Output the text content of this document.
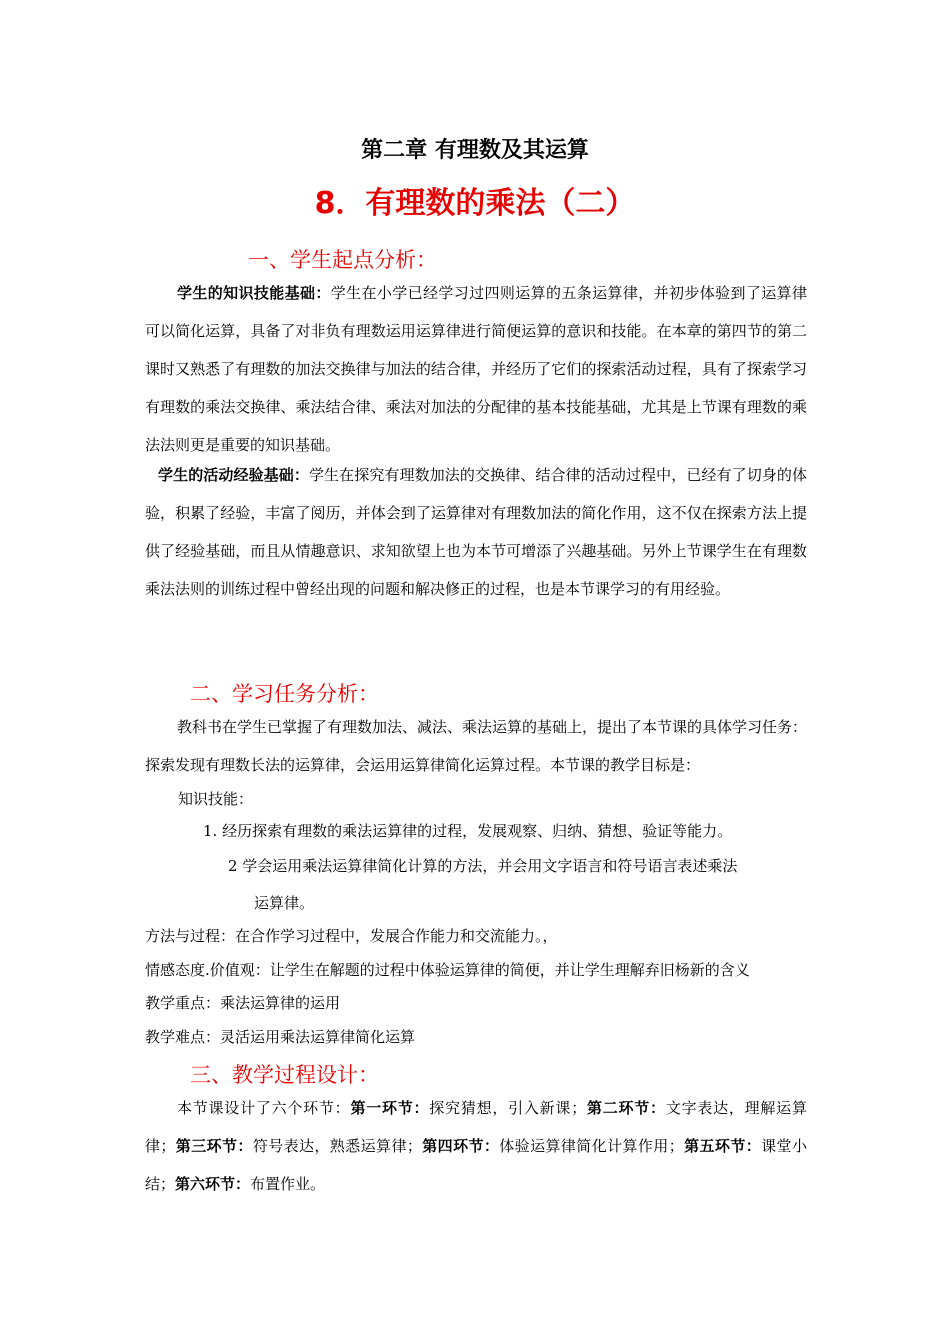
第二章 有理数及其运算
8．有理数的乘法（二）
一、学生起点分析：
学生的知识技能基础：学生在小学已经学习过四则运算的五条运算律，并初步体验到了运算律可以简化运算，具备了对非负有理数运用运算律进行简便运算的意识和技能。在本章的第四节的第二课时又熟悉了有理数的加法交换律与加法的结合律，并经历了它们的探索活动过程，具有了探索学习有理数的乘法交换律、乘法结合律、乘法对加法的分配律的基本技能基础，尤其是上节课有理数的乘法法则更是重要的知识基础。
学生的活动经验基础：学生在探究有理数加法的交换律、结合律的活动过程中，已经有了切身的体验，积累了经验，丰富了阅历，并体会到了运算律对有理数加法的简化作用，这不仅在探索方法上提供了经验基础，而且从情趣意识、求知欲望上也为本节可增添了兴趣基础。另外上节课学生在有理数乘法法则的训练过程中曾经出现的问题和解决修正的过程，也是本节课学习的有用经验。
二、学习任务分析：
教科书在学生已掌握了有理数加法、减法、乘法运算的基础上，提出了本节课的具体学习任务：探索发现有理数长法的运算律，会运用运算律简化运算过程。本节课的教学目标是：
知识技能：
1. 经历探索有理数的乘法运算律的过程，发展观察、归纳、猜想、验证等能力。
2 学会运用乘法运算律简化计算的方法，并会用文字语言和符号语言表述乘法
运算律。
方法与过程：在合作学习过程中，发展合作能力和交流能力。，
情感态度.价值观：让学生在解题的过程中体验运算律的简便，并让学生理解弃旧杨新的含义
教学重点：乘法运算律的运用
教学难点：灵活运用乘法运算律简化运算
三、教学过程设计：
本节课设计了六个环节：第一环节：探究猜想，引入新课；第二环节：文字表达，理解运算律；第三环节：符号表达，熟悉运算律；第四环节：体验运算律简化计算作用；第五环节：课堂小结；第六环节：布置作业。
